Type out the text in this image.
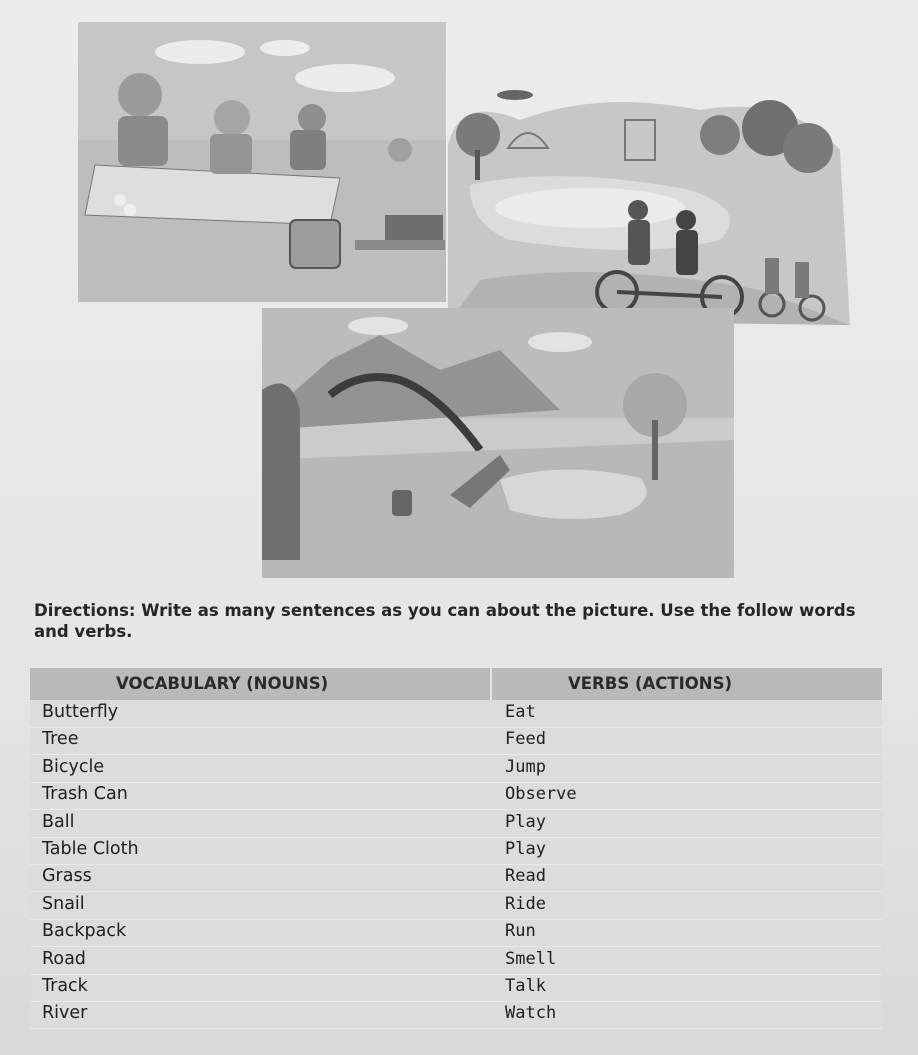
Directions: Write as many sentences as you can about the picture. Use the follow words
and verbs.
VOCABULARY (NOUNS)	VERBS (ACTIONS)
Butterfly	Eat
Tree	Feed
Bicycle	Jump
Trash Can	Observe
Ball	Play
Table Cloth	Play
Grass	Read
Snail	Ride
Backpack	Run
Road	Smell
Track	Talk
River	Watch
